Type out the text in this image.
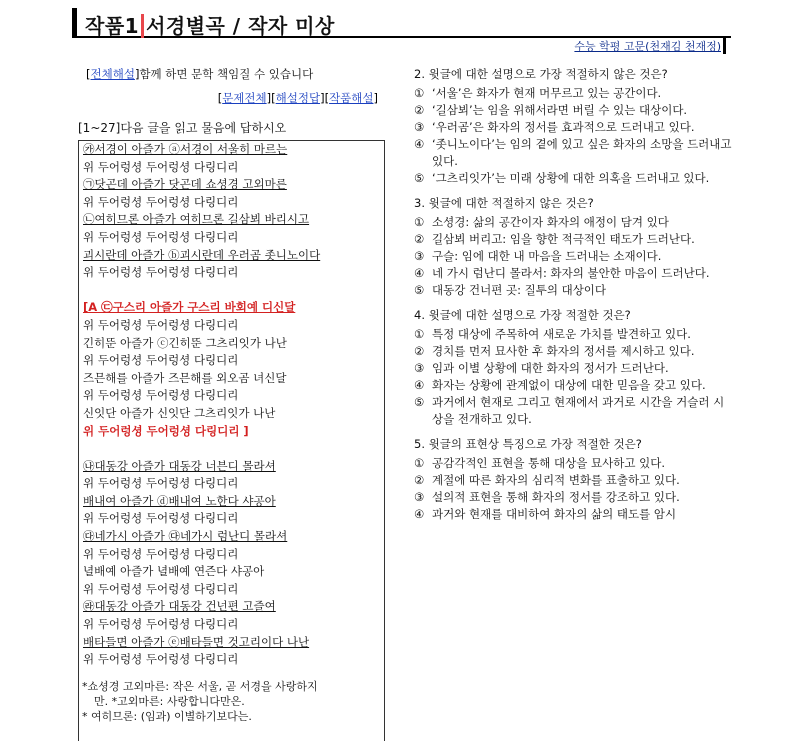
작품1 서경별곡 / 작자 미상
수능 학평 고문(천재김 천재정)
[전체해설]함께 하면 문학 책임질 수 있습니다
[문제전체][해설정답][작품해설]
[1~27]다음 글을 읽고 물음에 답하시오
㉮서경이 아즐가 ⓐ서경이 서울히 마르는
위 두어렁셩 두어렁셩 다링디리
㉠닷곤데 아즐가 닷곤데 쇼셩경 고외마른
위 두어렁셩 두어렁셩 다링디리
㉡여히므론 아즐가 여히므론 길삼뵈 바리시고
위 두어렁셩 두어렁셩 다링디리
괴시란데 아즐가 ⓑ괴시란데 우러곰 좃니노이다
위 두어렁셩 두어렁셩 다링디리
[A ㉢구스리 아즐가 구스리 바회예 디신달
위 두어렁셩 두어렁셩 다링디리
긴히뚠 아즐가 ⓒ긴히뚠 그츠리잇가 나난
위 두어렁셩 두어렁셩 다링디리
즈믄해를 아즐가 즈믄해를 외오곰 녀신달
위 두어렁셩 두어렁셩 다링디리
신잇단 아즐가 신잇단 그츠리잇가 나난
위 두어렁셩 두어렁셩 다링디리 ]
㉯대동강 아즐가 대동강 너븐디 몰라셔
위 두어렁셩 두어렁셩 다링디리
배내여 아즐가 ⓓ배내여 노한다 샤공아
위 두어렁셩 두어렁셩 다링디리
㉰네가시 아즐가 ㉰네가시 럼난디 몰라셔
위 두어렁셩 두어렁셩 다링디리
녈배예 아즐가 녈배예 연즌다 샤공아
위 두어렁셩 두어렁셩 다링디리
㉱대동강 아즐가 대동강 건넌편 고즐여
위 두어렁셩 두어렁셩 다링디리
배타들면 아즐가 ⓔ배타들면 것고리이다 나난
위 두어렁셩 두어렁셩 다링디리
*쇼셩경 고외마른: 작은 서울, 곧 서경을 사랑하지
만. *고외마른: 사랑합니다만은.
* 여히므론: (임과) 이별하기보다는.
2. 윗글에 대한 설명으로 가장 적절하지 않은 것은?
① ‘서울’은 화자가 현재 머무르고 있는 공간이다.
② ‘길삼뵈’는 임을 위해서라면 버릴 수 있는 대상이다.
③ ‘우러곰’은 화자의 정서를 효과적으로 드러내고 있다.
④ ‘좃니노이다’는 임의 곁에 있고 싶은 화자의 소망을 드러내고 있다.
⑤ ‘그츠리잇가’는 미래 상황에 대한 의혹을 드러내고 있다.
3. 윗글에 대한 적절하지 않은 것은?
① 소셩경: 삶의 공간이자 화자의 애정이 담겨 있다
② 길삼뵈 버리고: 임을 향한 적극적인 태도가 드러난다.
③ 구슬: 임에 대한 내 마음을 드러내는 소재이다.
④ 네 가시 럼난디 몰라서: 화자의 불안한 마음이 드러난다.
⑤ 대동강 건너편 곳: 질투의 대상이다
4. 윗글에 대한 설명으로 가장 적절한 것은?
① 특정 대상에 주목하여 새로운 가치를 발견하고 있다.
② 경치를 먼저 묘사한 후 화자의 정서를 제시하고 있다.
③ 임과 이별 상황에 대한 화자의 정서가 드러난다.
④ 화자는 상황에 관계없이 대상에 대한 믿음을 갖고 있다.
⑤ 과거에서 현재로 그리고 현재에서 과거로 시간을 거슬러 시상을 전개하고 있다.
5. 윗글의 표현상 특징으로 가장 적절한 것은?
① 공감각적인 표현을 통해 대상을 묘사하고 있다.
② 계절에 따른 화자의 심리적 변화를 표출하고 있다.
③ 설의적 표현을 통해 화자의 정서를 강조하고 있다.
④ 과거와 현재를 대비하여 화자의 삶의 태도를 암시
